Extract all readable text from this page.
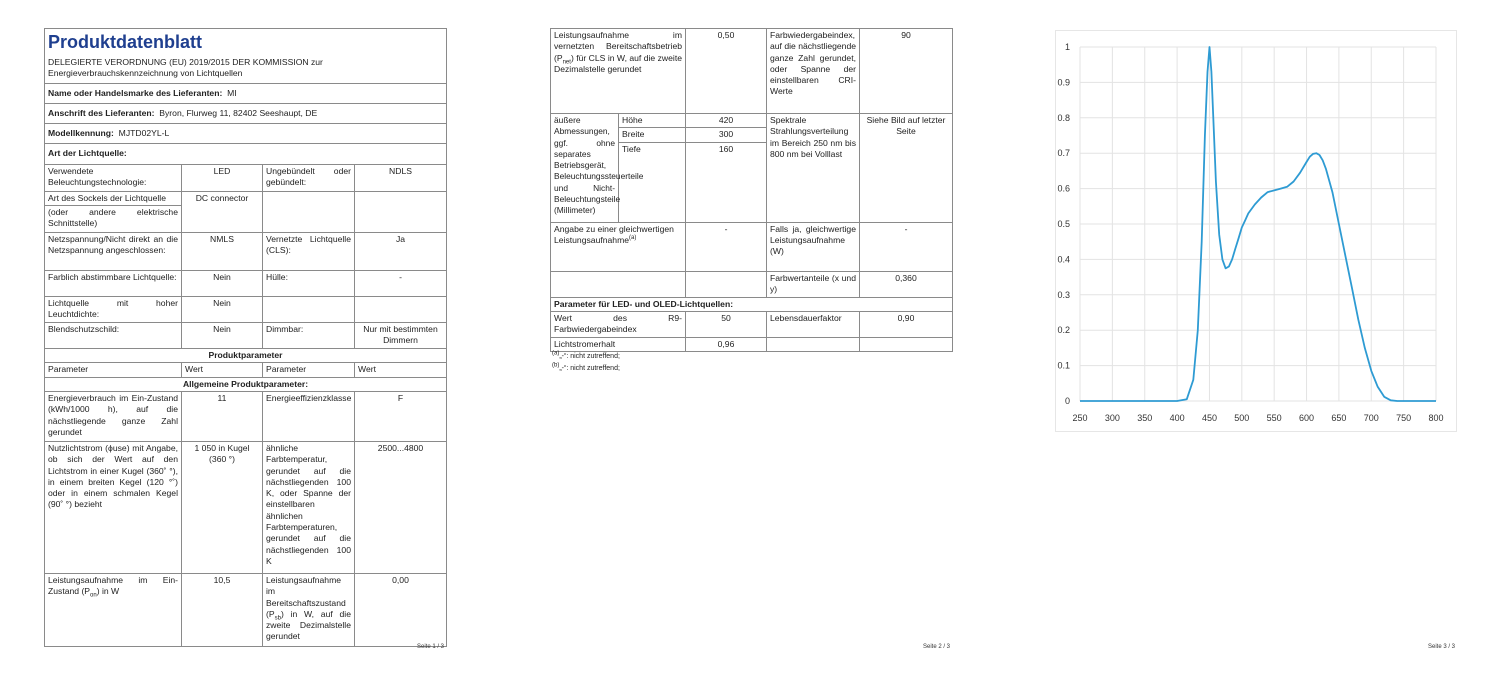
Produktdatenblatt
DELEGIERTE VERORDNUNG (EU) 2019/2015 DER KOMMISSION zur Energieverbrauchskennzeichnung von Lichtquellen			

Name oder Handelsmarke des Lieferanten: MI			
Anschrift des Lieferanten: Byron, Flurweg 11, 82402 Seeshaupt, DE			
Modellkennung: MJTD02YL-L			
Art der Lichtquelle:			
Verwendete Beleuchtungstechnologie:	LED	Ungebündelt oder gebündelt:	NDLS
Art des Sockels der Lichtquelle	DC connector		
(oder andere elektrische Schnittstelle)			
Netzspannung/Nicht direkt an die Netzspannung angeschlossen:	NMLS	Vernetzte Lichtquelle (CLS):	Ja
Farblich abstimmbare Lichtquelle:	Nein	Hülle:	-
Lichtquelle mit hoher Leuchtdichte:	Nein		
Blendschutzschild:	Nein	Dimmbar:	Nur mit bestimmten Dimmern
Produktparameter			
Parameter	Wert	Parameter	Wert
Allgemeine Produktparameter:			
Energieverbrauch im Ein-Zustand (kWh/1000 h), auf die nächstliegende ganze Zahl gerundet	11	Energieeffizienzklasse	F
Nutzlichtstrom (ϕuse) mit Angabe, ob sich der Wert auf den Lichtstrom in einer Kugel (360˚ °), in einem breiten Kegel (120 °˚) oder in einem schmalen Kegel (90˚ °) bezieht	1 050 in Kugel (360 °)	ähnliche Farbtemperatur, gerundet auf die nächstliegenden 100 K, oder Spanne der einstellbaren ähnlichen Farbtemperaturen, gerundet auf die nächstliegenden 100 K	2500...4800
Leistungsaufnahme im Ein-Zustand $(P_{on})$ in W	10,5	Leistungsaufnahme im Bereitschaftszustand $(P_{sb})$ in W, auf die zweite Dezimalstelle gerundet	0,00
Seite 1 / 3
Leistungsaufnahme im vernetzten Bereitschaftsbetrieb $(P_{net})$ für CLS in W, auf die zweite Dezimalstelle gerundet		0,50	Farbwiedergabeindex, auf die nächstliegende ganze Zahl gerundet, oder Spanne der einstellbaren CRI-Werte	90
äußere Abmessungen, ggf. ohne separates Betriebsgerät, Beleuchtungssteuerteile und Nicht-Beleuchtungsteile (Millimeter)	Höhe	420	Spektrale Strahlungsverteilung im Bereich 250 nm bis 800 nm bei Volllast	Siehe Bild auf letzter Seite
	Breite	300		
	Tiefe	160		
Angabe zu einer gleichwertigen Leistungsaufnahme$^{(a)}$		-	Falls ja, gleichwertige Leistungsaufnahme (W)	-
			Farbwertanteile (x und y)	0,360
Parameter für LED- und OLED-Lichtquellen:				
Wert des R9-Farbwiedergabeindex		50	Lebensdauerfaktor	0,90
Lichtstromerhalt		0,96		
$^{(a)}$„-“: nicht zutreffend;
$^{(b)}$„-“: nicht zutreffend;
Seite 2 / 3
0
0.1
0.2
0.3
0.4
0.5
0.6
0.7
0.8
0.9
1
250 300 350 400 450 500 550 600 650 700 750 800
Seite 3 / 3
